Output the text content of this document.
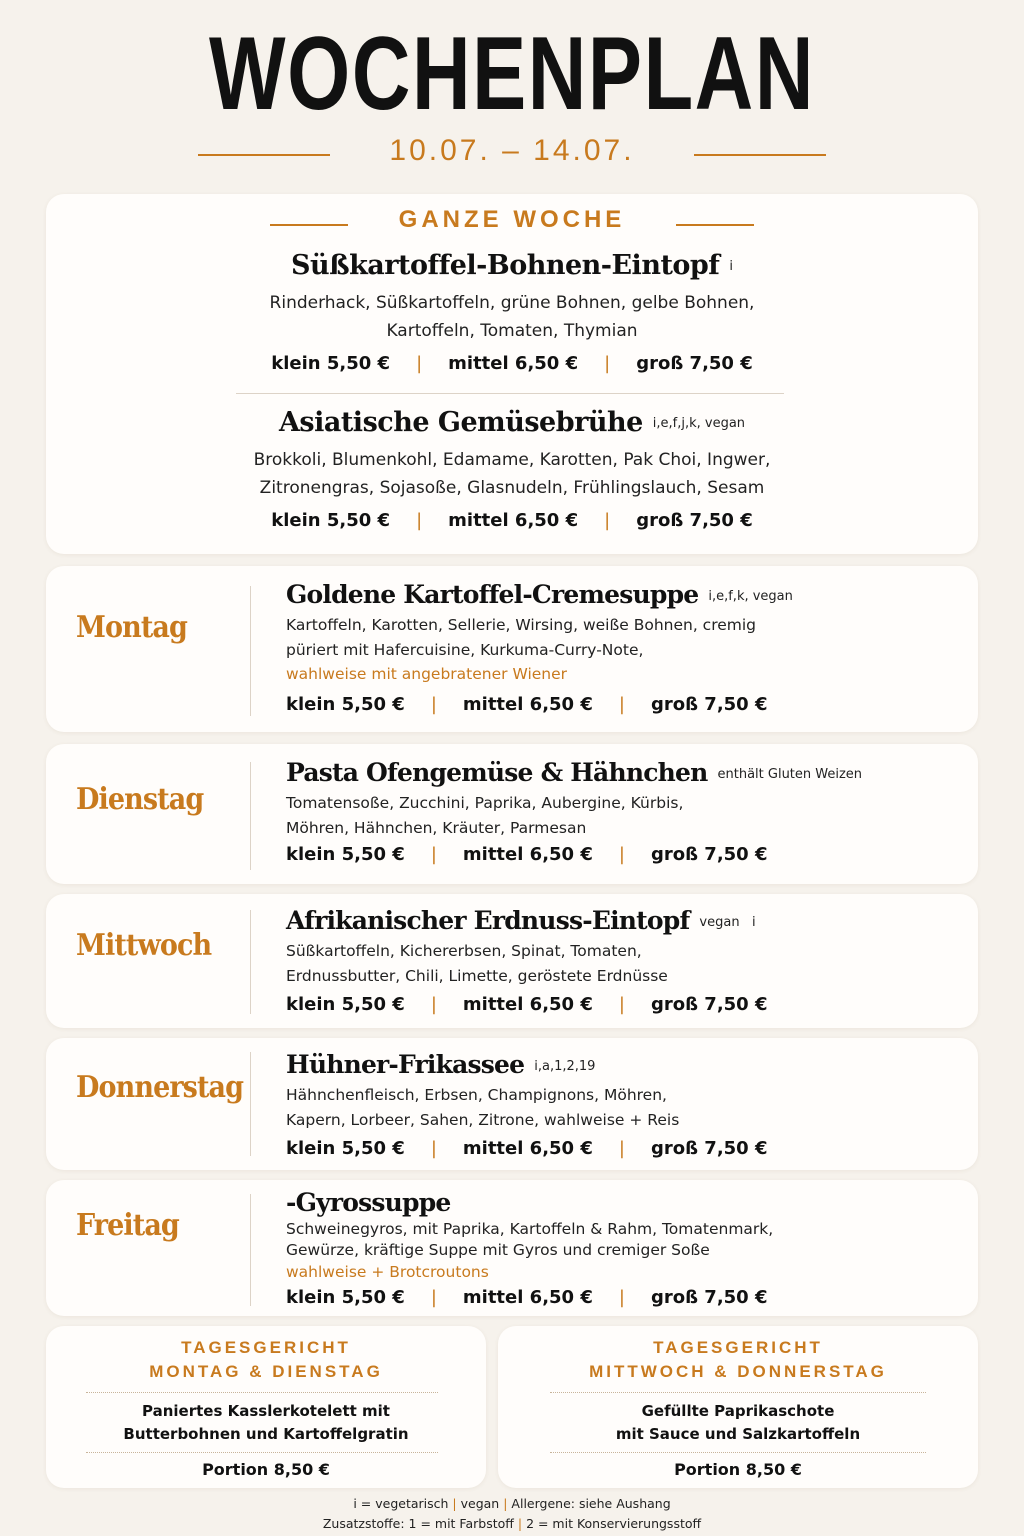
WOCHENPLAN
10.07. – 14.07.
GANZE WOCHE
Süßkartoffel-Bohnen-Eintopf $^i$
Rinderhack, Süßkartoffeln, grüne Bohnen, gelbe Bohnen,
Kartoffeln, Tomaten, Thymian
klein 5,50 € | mittel 6,50 € | groß 7,50 €
Asiatische Gemüsebrühe $^{i,e,f,j,k, vegan}$
Brokkoli, Blumenkohl, Edamame, Karotten, Pak Choi, Ingwer,
Zitronengras, Sojasoße, Glasnudeln, Frühlingslauch, Sesam
klein 5,50 € | mittel 6,50 € | groß 7,50 €
Montag
Goldene Kartoffel-Cremesuppe i,e,f,k, vegan
Kartoffeln, Karotten, Sellerie, Wirsing, weiße Bohnen, cremig
püriert mit Hafercuisine, Kurkuma-Curry-Note,
wahlweise mit angebratener Wiener
klein 5,50 € | mittel 6,50 € | groß 7,50 €
Dienstag
Pasta Ofengemüse & Hähnchen enthält Gluten Weizen
Tomatensoße, Zucchini, Paprika, Aubergine, Kürbis,
Möhren, Hähnchen, Kräuter, Parmesan
klein 5,50 € | mittel 6,50 € | groß 7,50 €
Mittwoch
Afrikanischer Erdnuss-Eintopf vegan   i
Süßkartoffeln, Kichererbsen, Spinat, Tomaten,
Erdnussbutter, Chili, Limette, geröstete Erdnüsse
klein 5,50 € | mittel 6,50 € | groß 7,50 €
Donnerstag
Hühner-Frikassee i,a,1,2,19
Hähnchenfleisch, Erbsen, Champignons, Möhren,
Kapern, Lorbeer, Sahen, Zitrone, wahlweise + Reis
klein 5,50 € | mittel 6,50 € | groß 7,50 €
Freitag
-Gyrossuppe
Schweinegyros, mit Paprika, Kartoffeln & Rahm, Tomatenmark,
Gewürze, kräftige Suppe mit Gyros und cremiger Soße
wahlweise + Brotcroutons
klein 5,50 € | mittel 6,50 € | groß 7,50 €
TAGESGERICHT
MONTAG & DIENSTAG
Paniertes Kasslerkotelett mit
Butterbohnen und Kartoffelgratin
Portion 8,50 €
TAGESGERICHT
MITTWOCH & DONNERSTAG
Gefüllte Paprikaschote
mit Sauce und Salzkartoffeln
Portion 8,50 €
i = vegetarisch | vegan | Allergene: siehe Aushang
Zusatzstoffe: 1 = mit Farbstoff | 2 = mit Konservierungsstoff
